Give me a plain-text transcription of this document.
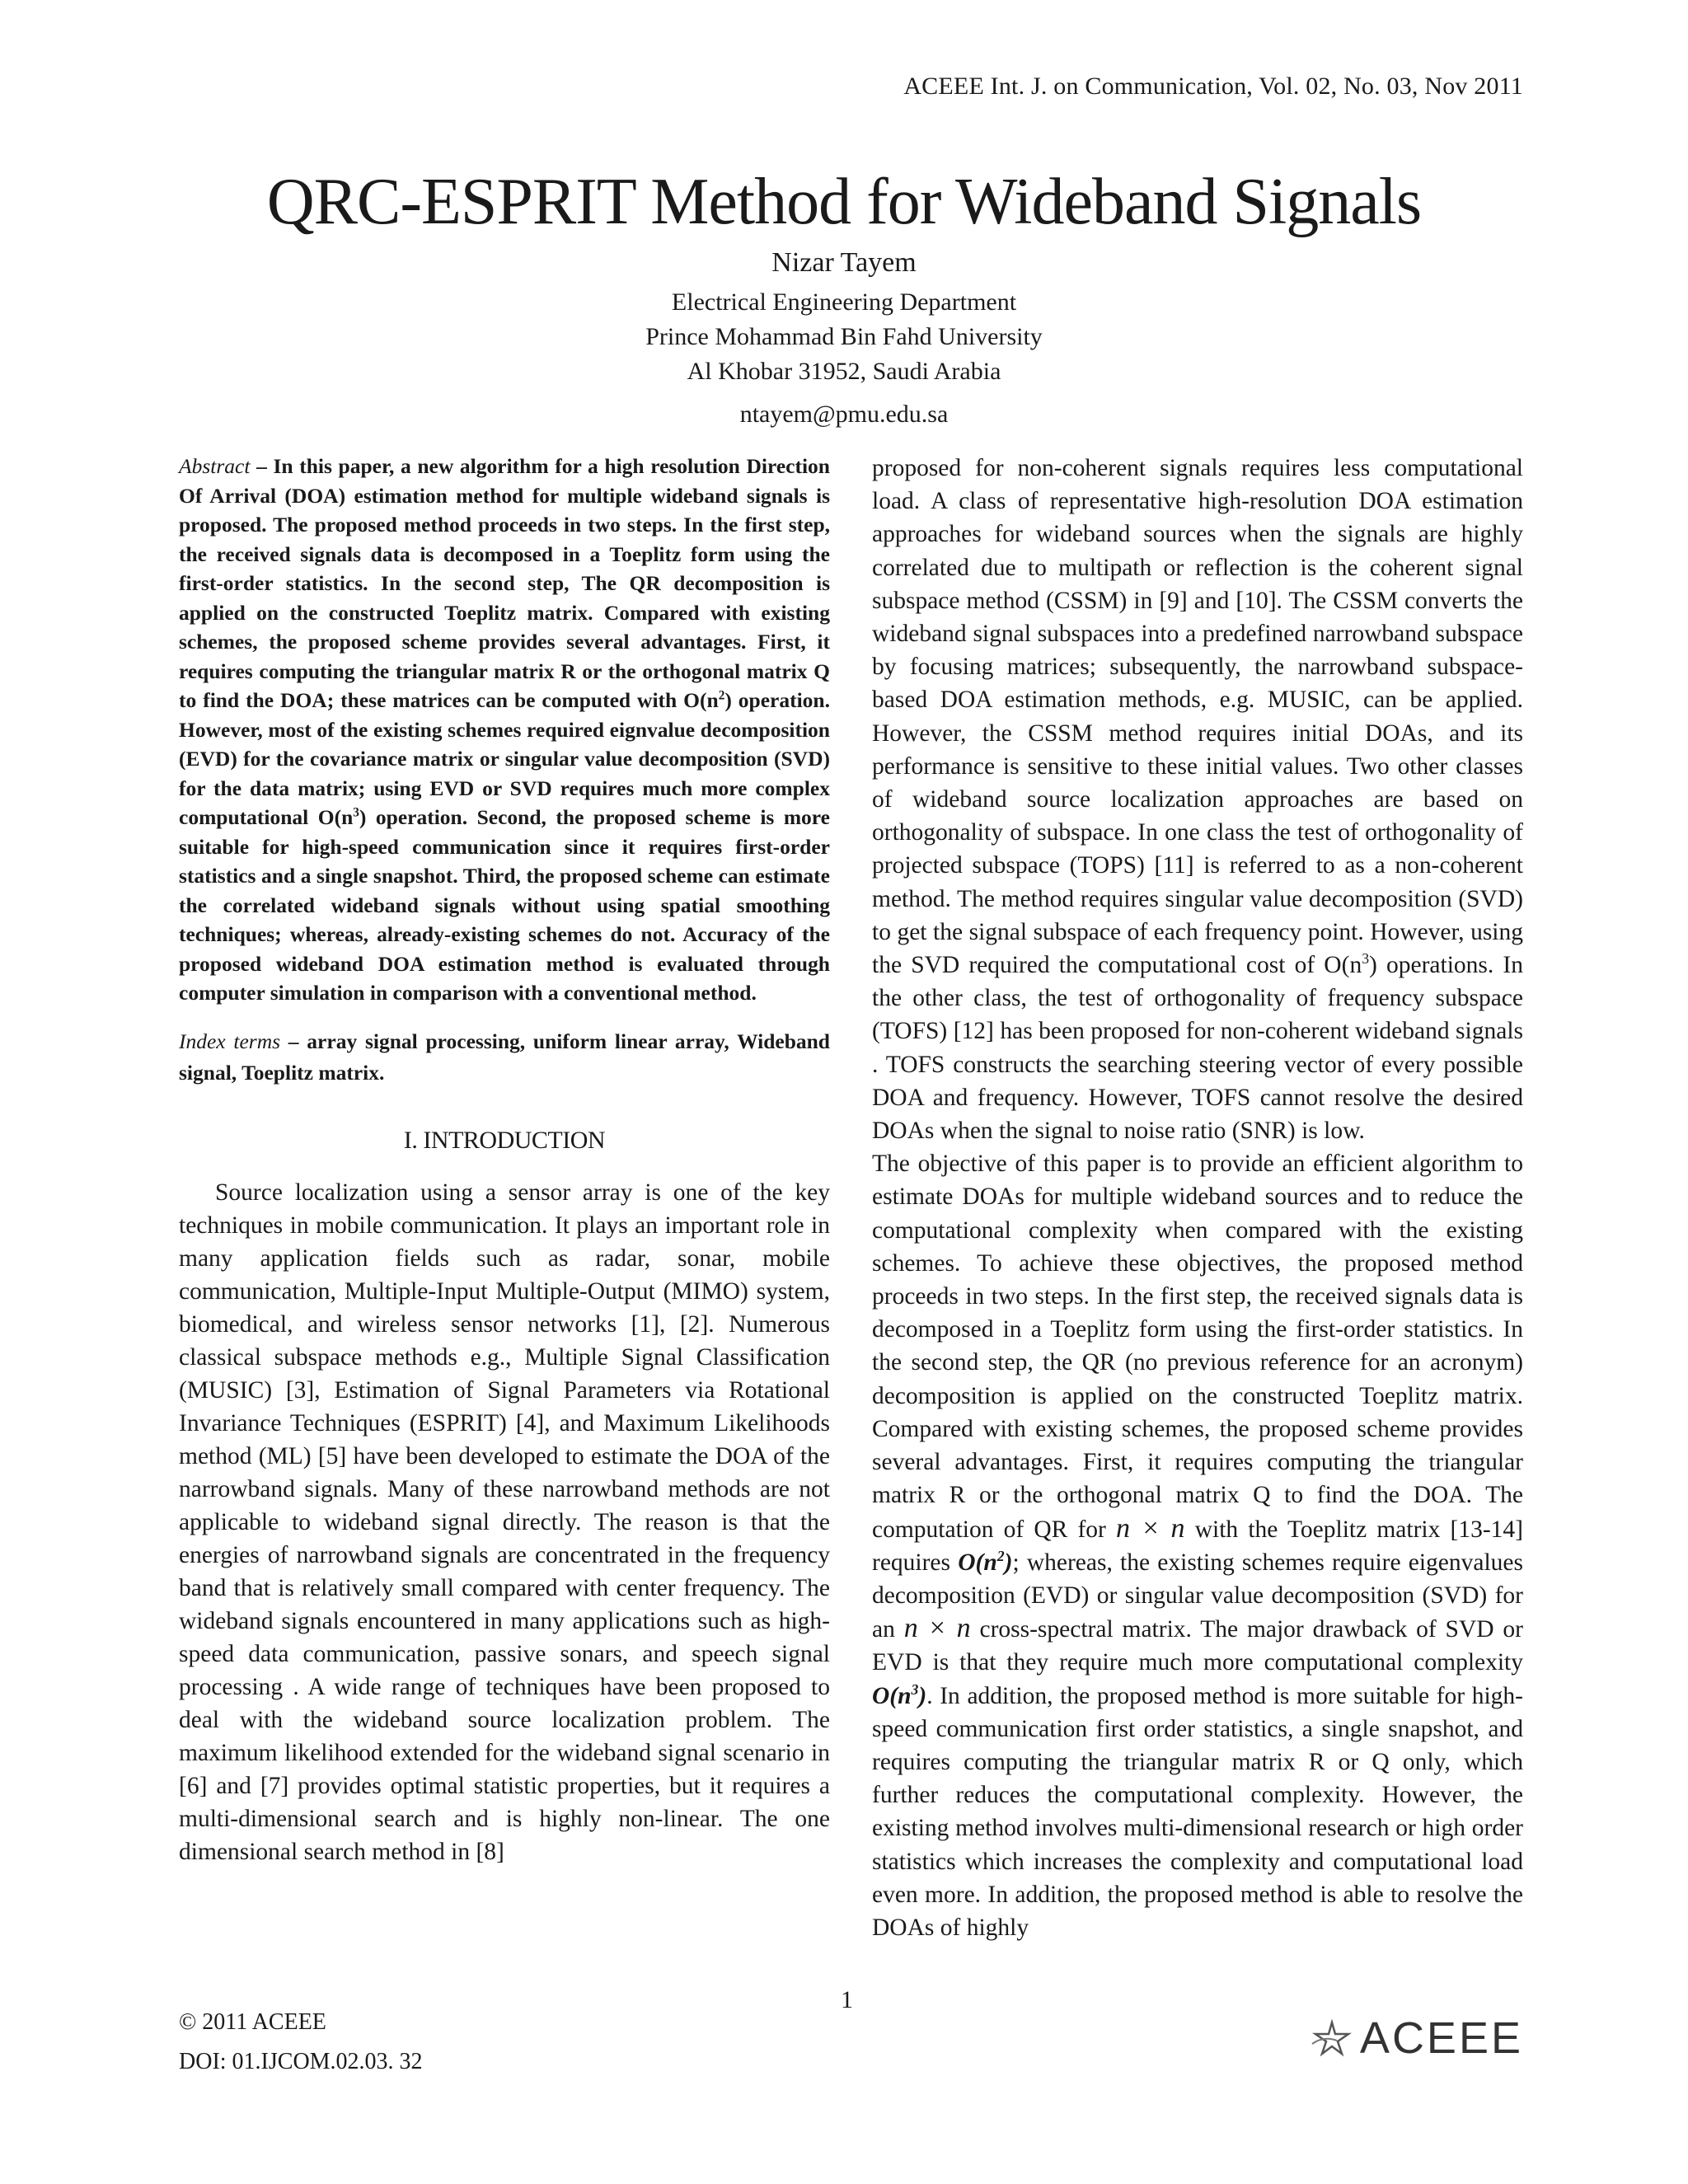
ACEEE Int. J. on Communication, Vol. 02, No. 03, Nov 2011
QRC-ESPRIT Method for Wideband Signals
Nizar Tayem
Electrical Engineering Department
Prince Mohammad Bin Fahd University
Al Khobar 31952, Saudi Arabia
ntayem@pmu.edu.sa

Abstract – In this paper, a new algorithm for a high resolution Direction Of Arrival (DOA) estimation method for multiple wideband signals is proposed. The proposed method proceeds in two steps. In the first step, the received signals data is decomposed in a Toeplitz form using the first-order statistics. In the second step, The QR decomposition is applied on the constructed Toeplitz matrix. Compared with existing schemes, the proposed scheme provides several advantages. First, it requires computing the triangular matrix R or the orthogonal matrix Q to find the DOA; these matrices can be computed with $O(n^2)$ operation. However, most of the existing schemes required eignvalue decomposition (EVD) for the covariance matrix or singular value decomposition (SVD) for the data matrix; using EVD or SVD requires much more complex computational $O(n^3)$ operation. Second, the proposed scheme is more suitable for high-speed communication since it requires first-order statistics and a single snapshot. Third, the proposed scheme can estimate the correlated wideband signals without using spatial smoothing techniques; whereas, already-existing schemes do not. Accuracy of the proposed wideband DOA estimation method is evaluated through computer simulation in comparison with a conventional method.

Index terms – array signal processing, uniform linear array, Wideband signal, Toeplitz matrix.

I. INTRODUCTION

Source localization using a sensor array is one of the key techniques in mobile communication. It plays an important role in many application fields such as radar, sonar, mobile communication, Multiple-Input Multiple-Output (MIMO) system, biomedical, and wireless sensor networks [1], [2]. Numerous classical subspace methods e.g., Multiple Signal Classification (MUSIC) [3], Estimation of Signal Parameters via Rotational Invariance Techniques (ESPRIT) [4], and Maximum Likelihoods method (ML) [5] have been developed to estimate the DOA of the narrowband signals. Many of these narrowband methods are not applicable to wideband signal directly. The reason is that the energies of narrowband signals are concentrated in the frequency band that is relatively small compared with center frequency. The wideband signals encountered in many applications such as high-speed data communication, passive sonars, and speech signal processing . A wide range of techniques have been proposed to deal with the wideband source localization problem. The maximum likelihood extended for the wideband signal scenario in [6] and [7] provides optimal statistic properties, but it requires a multi-dimensional search and is highly non-linear. The one dimensional search method in [8]

proposed for non-coherent signals requires less computational load. A class of representative high-resolution DOA estimation approaches for wideband sources when the signals are highly correlated due to multipath or reflection is the coherent signal subspace method (CSSM) in [9] and [10]. The CSSM converts the wideband signal subspaces into a predefined narrowband subspace by focusing matrices; subsequently, the narrowband subspace-based DOA estimation methods, e.g. MUSIC, can be applied. However, the CSSM method requires initial DOAs, and its performance is sensitive to these initial values. Two other classes of wideband source localization approaches are based on orthogonality of subspace. In one class the test of orthogonality of projected subspace (TOPS) [11] is referred to as a non-coherent method. The method requires singular value decomposition (SVD) to get the signal subspace of each frequency point. However, using the SVD required the computational cost of $O(n^3)$ operations. In the other class, the test of orthogonality of frequency subspace (TOFS) [12] has been proposed for non-coherent wideband signals . TOFS constructs the searching steering vector of every possible DOA and frequency. However, TOFS cannot resolve the desired DOAs when the signal to noise ratio (SNR) is low.

The objective of this paper is to provide an efficient algorithm to estimate DOAs for multiple wideband sources and to reduce the computational complexity when compared with the existing schemes. To achieve these objectives, the proposed method proceeds in two steps. In the first step, the received signals data is decomposed in a Toeplitz form using the first-order statistics. In the second step, the QR (no previous reference for an acronym) decomposition is applied on the constructed Toeplitz matrix. Compared with existing schemes, the proposed scheme provides several advantages. First, it requires computing the triangular matrix R or the orthogonal matrix Q to find the DOA. The computation of QR for n × n with the Toeplitz matrix [13-14] requires $O(n^2)$; whereas, the existing schemes require eigenvalues decomposition (EVD) or singular value decomposition (SVD) for an n × n cross-spectral matrix. The major drawback of SVD or EVD is that they require much more computational complexity $O(n^3)$. In addition, the proposed method is more suitable for high-speed communication first order statistics, a single snapshot, and requires computing the triangular matrix R or Q only, which further reduces the computational complexity. However, the existing method involves multi-dimensional research or high order statistics which increases the complexity and computational load even more. In addition, the proposed method is able to resolve the DOAs of highly

1
© 2011 ACEEE
DOI: 01.IJCOM.02.03. 32	ACEEE
